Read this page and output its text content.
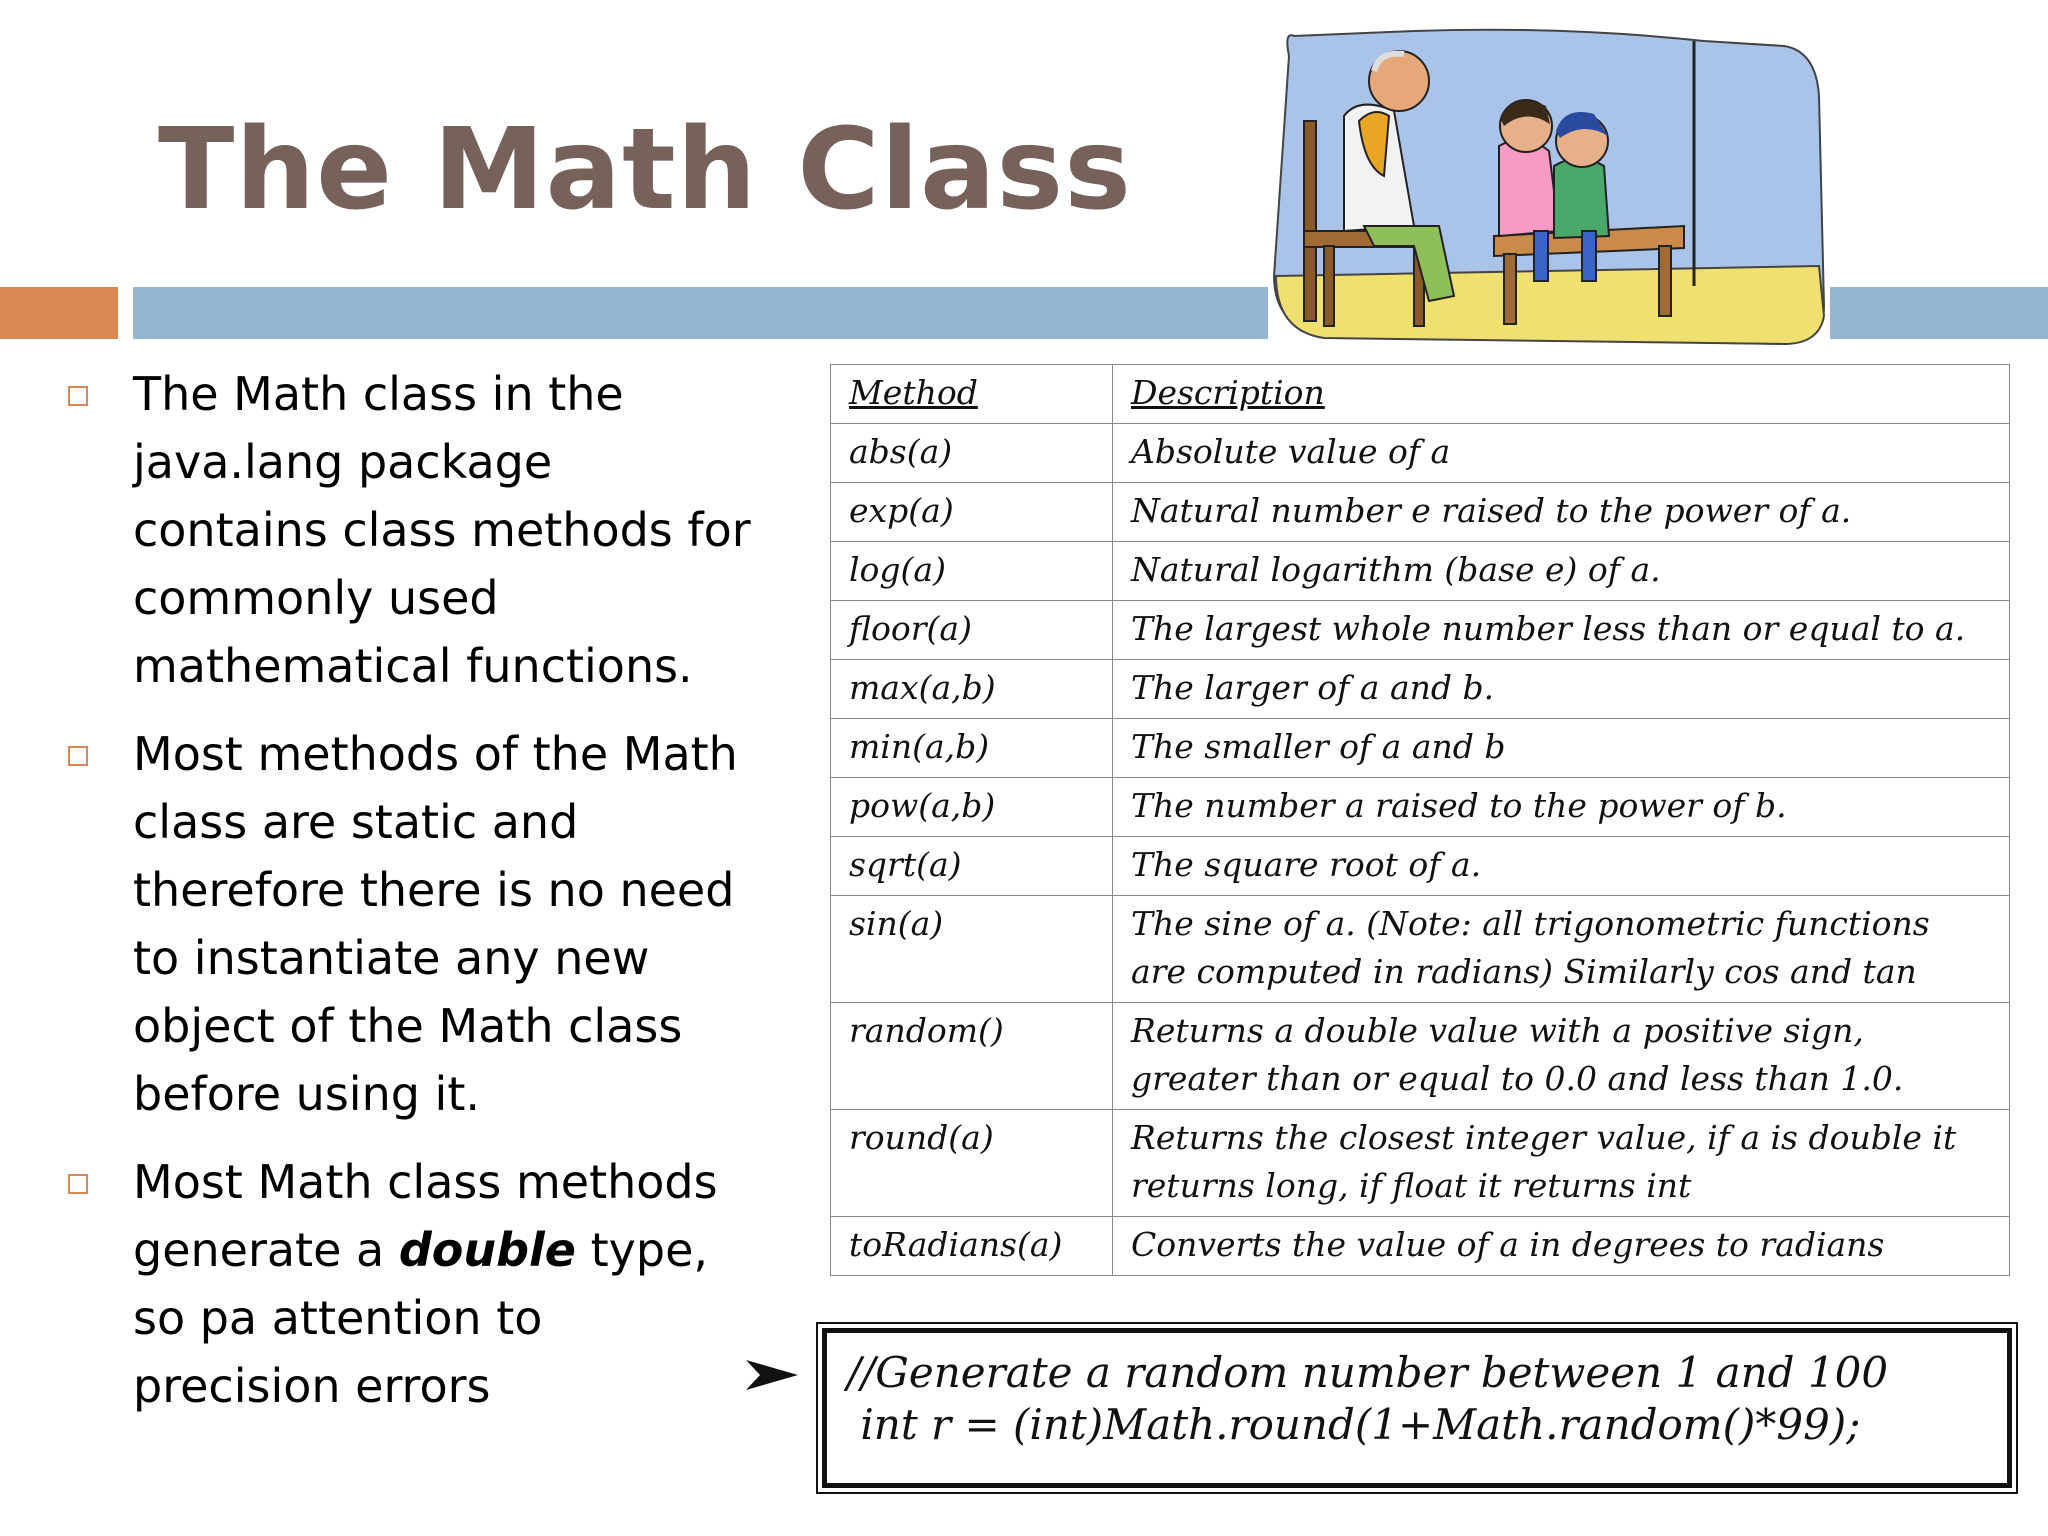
The Math Class
The Math class in the java.lang package contains class methods for commonly used mathematical functions.
Most methods of the Math class are static and therefore there is no need to instantiate any new object of the Math class before using it.
Most Math class methods generate a double type, so pa attention to precision errors
Method	Description
abs(a)	Absolute value of a
exp(a)	Natural number e raised to the power of a.
log(a)	Natural logarithm (base e) of a.
floor(a)	The largest whole number less than or equal to a.
max(a,b)	The larger of a and b.
min(a,b)	The smaller of a and b
pow(a,b)	The number a raised to the power of b.
sqrt(a)	The square root of a.
sin(a)	The sine of a. (Note: all trigonometric functions are computed in radians) Similarly cos and tan
random()	Returns a double value with a positive sign, greater than or equal to 0.0 and less than 1.0.
round(a)	Returns the closest integer value, if a is double it returns long, if float it returns int
toRadians(a)	Converts the value of a in degrees to radians
//Generate a random number between 1 and 100
int r = (int)Math.round(1+Math.random()*99);
